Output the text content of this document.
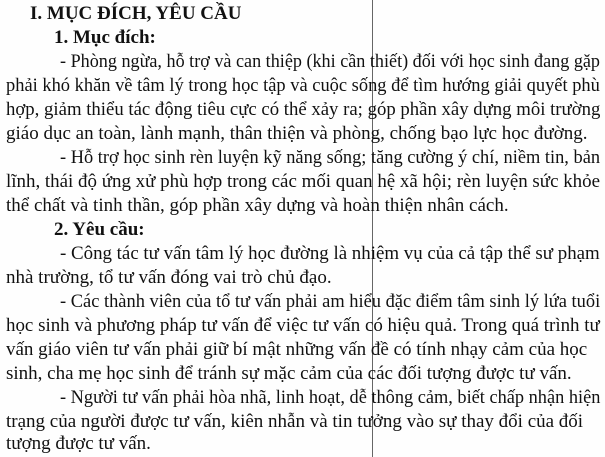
I. MỤC ĐÍCH, YÊU CẦU
1. Mục đích:
- Phòng ngừa, hỗ trợ và can thiệp (khi cần thiết) đối với học sinh đang gặp
phải khó khăn về tâm lý trong học tập và cuộc sống để tìm hướng giải quyết phù
hợp, giảm thiểu tác động tiêu cực có thể xảy ra; góp phần xây dựng môi trường
giáo dục an toàn, lành mạnh, thân thiện và phòng, chống bạo lực học đường.
- Hỗ trợ học sinh rèn luyện kỹ năng sống; tăng cường ý chí, niềm tin, bản
lĩnh, thái độ ứng xử phù hợp trong các mối quan hệ xã hội; rèn luyện sức khỏe
thể chất và tinh thần, góp phần xây dựng và hoàn thiện nhân cách.
2. Yêu cầu:
- Công tác tư vấn tâm lý học đường là nhiệm vụ của cả tập thể sư phạm
nhà trường, tổ tư vấn đóng vai trò chủ đạo.
- Các thành viên của tổ tư vấn phải am hiểu đặc điểm tâm sinh lý lứa tuổi
học sinh và phương pháp tư vấn để việc tư vấn có hiệu quả. Trong quá trình tư
vấn giáo viên tư vấn phải giữ bí mật những vấn đề có tính nhạy cảm của học
sinh, cha mẹ học sinh để tránh sự mặc cảm của các đối tượng được tư vấn.
- Người tư vấn phải hòa nhã, linh hoạt, dễ thông cảm, biết chấp nhận hiện
trạng của người được tư vấn, kiên nhẫn và tin tưởng vào sự thay đổi của đối
tượng được tư vấn.
